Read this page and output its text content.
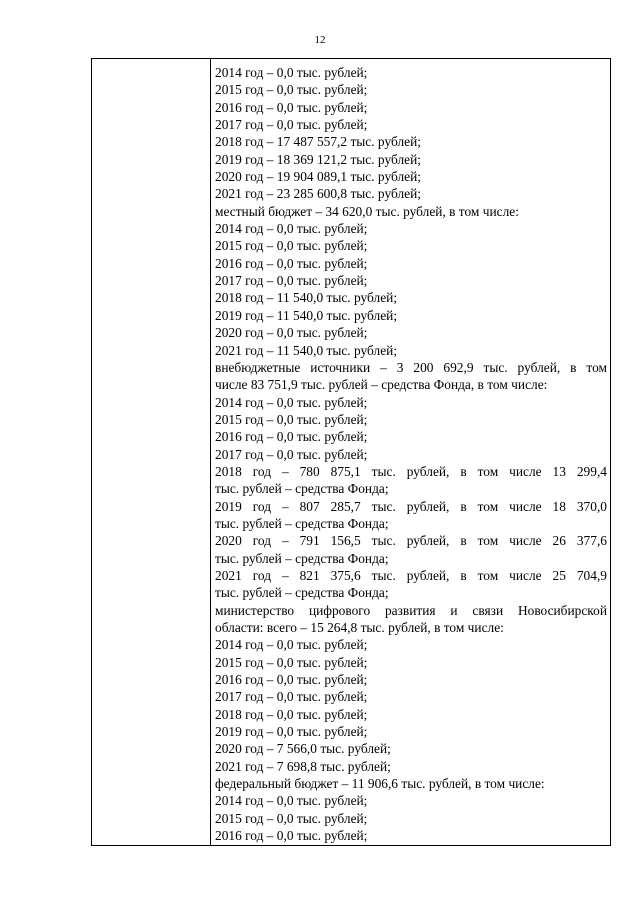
12
2014 год – 0,0 тыс. рублей;
2015 год – 0,0 тыс. рублей;
2016 год – 0,0 тыс. рублей;
2017 год – 0,0 тыс. рублей;
2018 год – 17 487 557,2 тыс. рублей;
2019 год – 18 369 121,2 тыс. рублей;
2020 год – 19 904 089,1 тыс. рублей;
2021 год – 23 285 600,8 тыс. рублей;
местный бюджет – 34 620,0 тыс. рублей, в том числе:
2014 год – 0,0 тыс. рублей;
2015 год – 0,0 тыс. рублей;
2016 год – 0,0 тыс. рублей;
2017 год – 0,0 тыс. рублей;
2018 год – 11 540,0 тыс. рублей;
2019 год – 11 540,0 тыс. рублей;
2020 год – 0,0 тыс. рублей;
2021 год – 11 540,0 тыс. рублей;
внебюджетные источники – 3 200 692,9 тыс. рублей, в том
числе 83 751,9 тыс. рублей – средства Фонда, в том числе:
2014 год – 0,0 тыс. рублей;
2015 год – 0,0 тыс. рублей;
2016 год – 0,0 тыс. рублей;
2017 год – 0,0 тыс. рублей;
2018 год – 780 875,1 тыс. рублей, в том числе 13 299,4
тыс. рублей – средства Фонда;
2019 год – 807 285,7 тыс. рублей, в том числе 18 370,0
тыс. рублей – средства Фонда;
2020 год – 791 156,5 тыс. рублей, в том числе 26 377,6
тыс. рублей – средства Фонда;
2021 год – 821 375,6 тыс. рублей, в том числе 25 704,9
тыс. рублей – средства Фонда;
министерство цифрового развития и связи Новосибирской
области: всего – 15 264,8 тыс. рублей, в том числе:
2014 год – 0,0 тыс. рублей;
2015 год – 0,0 тыс. рублей;
2016 год – 0,0 тыс. рублей;
2017 год – 0,0 тыс. рублей;
2018 год – 0,0 тыс. рублей;
2019 год – 0,0 тыс. рублей;
2020 год – 7 566,0 тыс. рублей;
2021 год – 7 698,8 тыс. рублей;
федеральный бюджет – 11 906,6 тыс. рублей, в том числе:
2014 год – 0,0 тыс. рублей;
2015 год – 0,0 тыс. рублей;
2016 год – 0,0 тыс. рублей;
